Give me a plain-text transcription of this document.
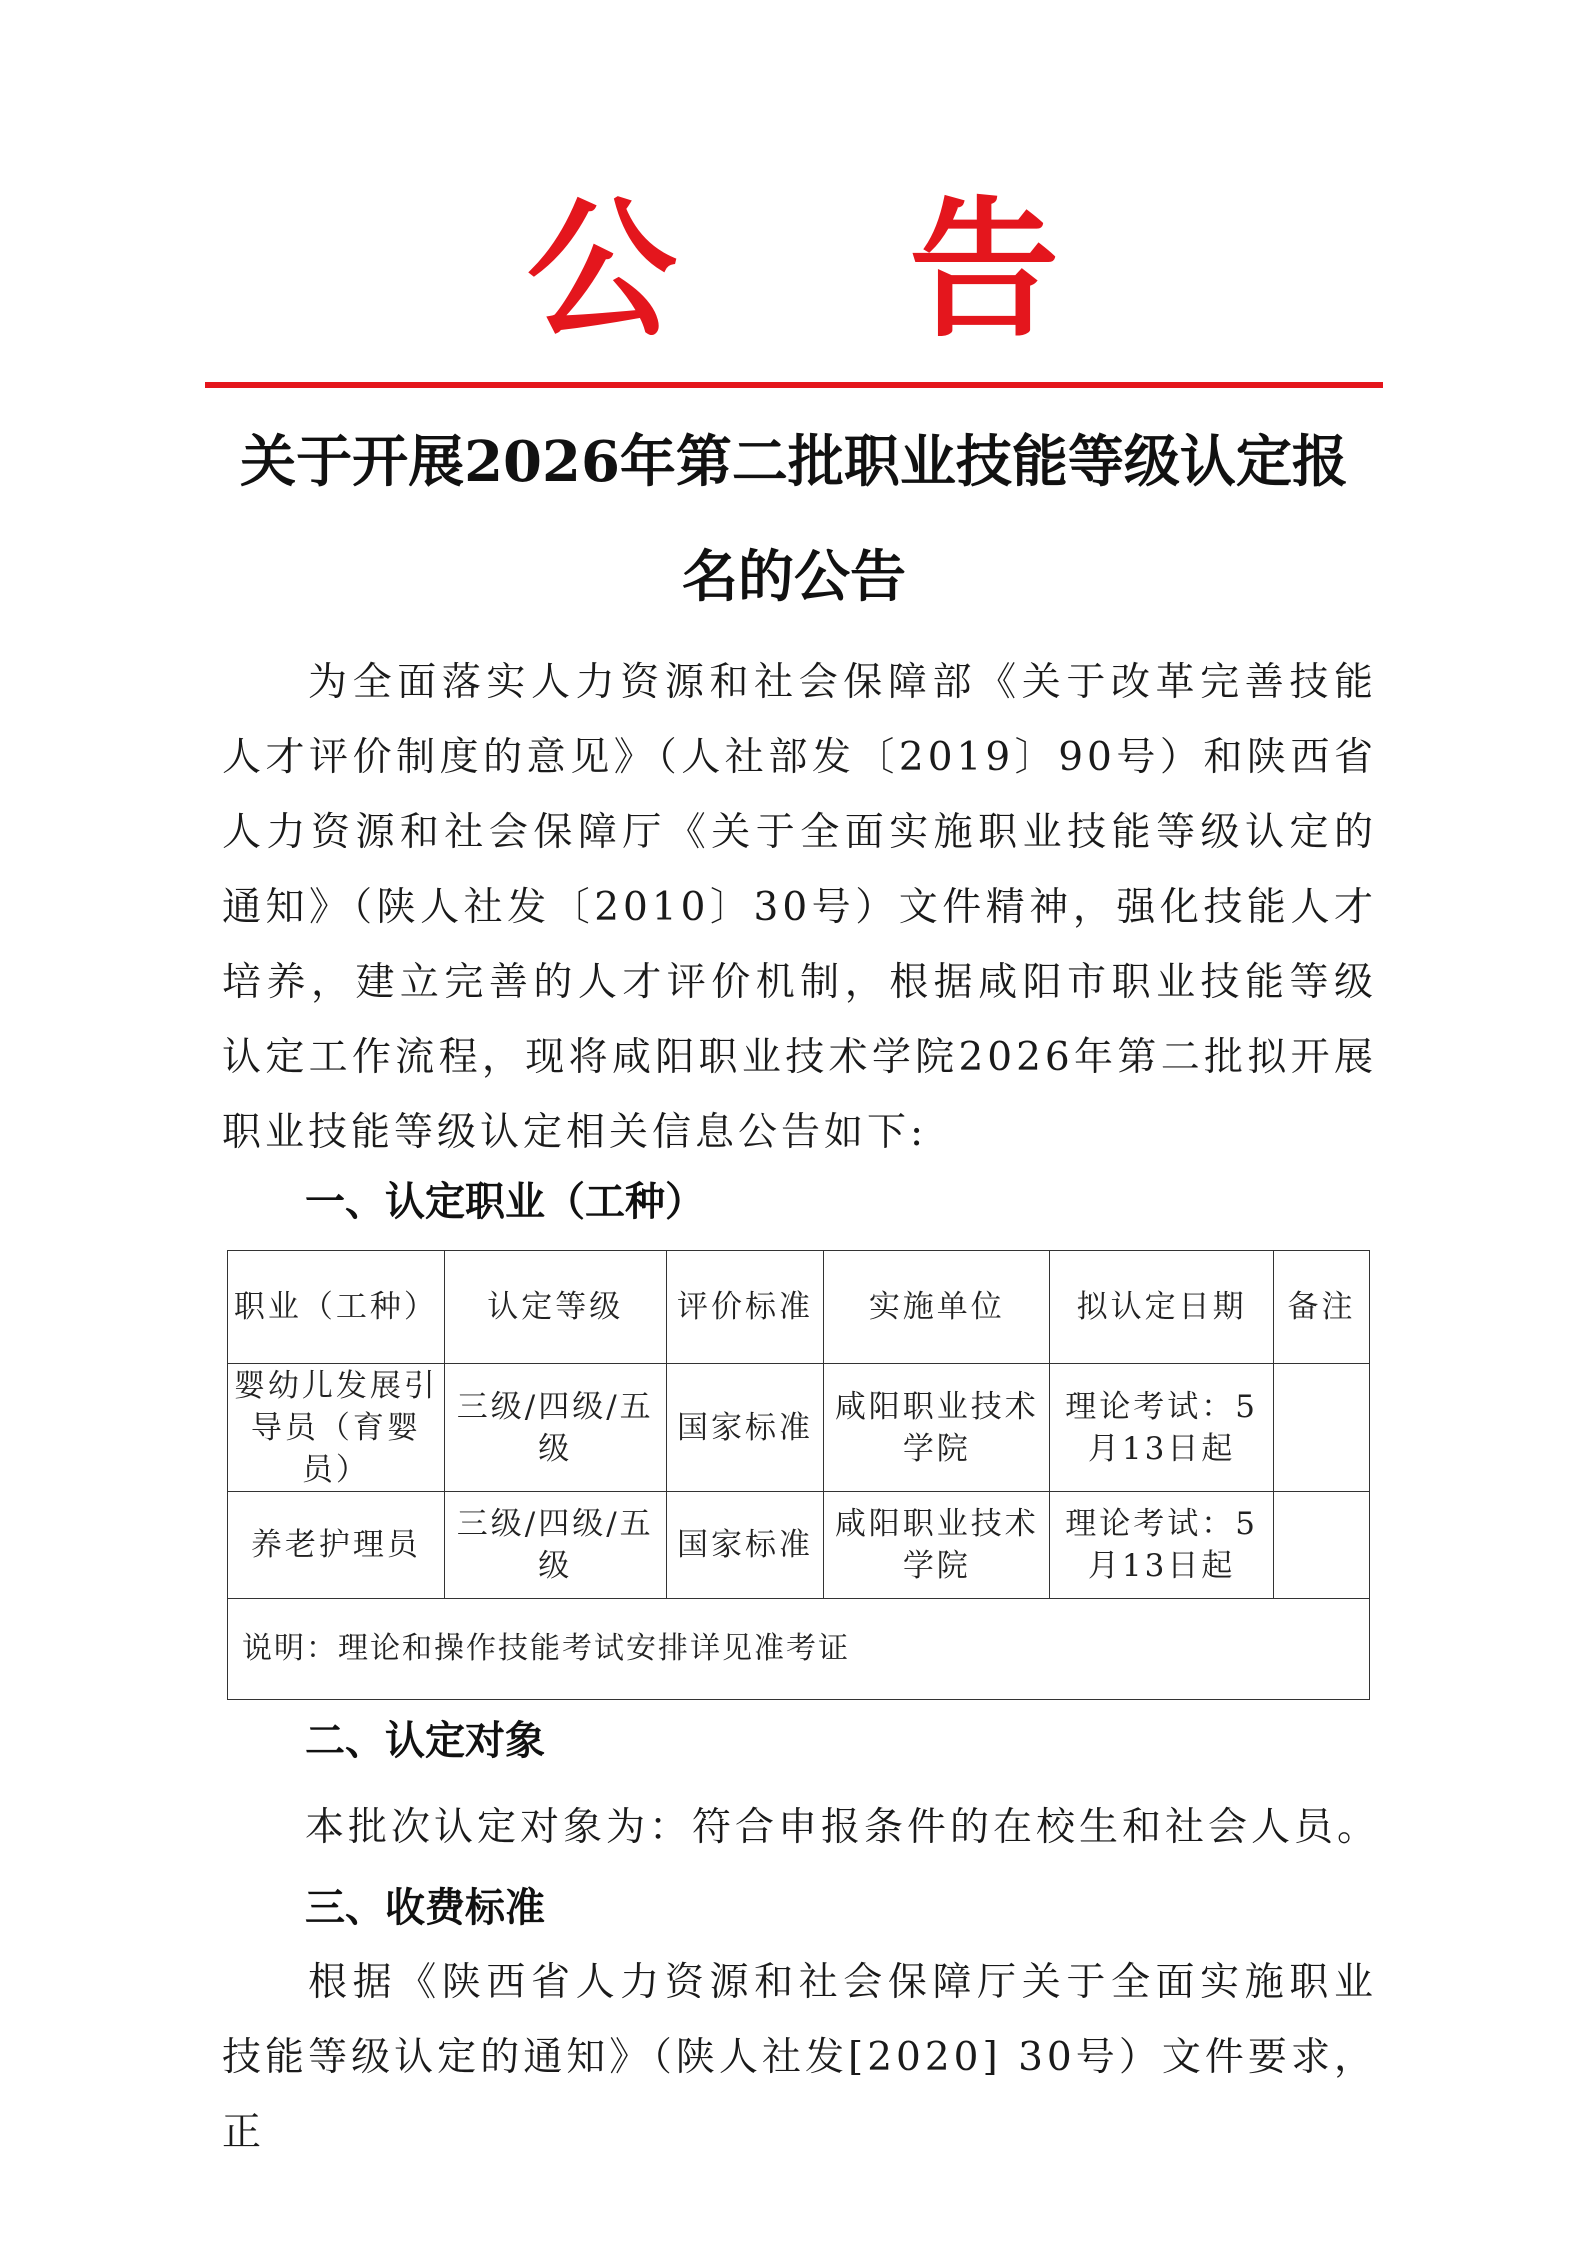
公 告
关于开展2026年第二批职业技能等级认定报
名的公告
为全面落实人力资源和社会保障部《关于改革完善技能人才评价制度的意见》（人社部发〔2019〕90号）和陕西省人力资源和社会保障厅《关于全面实施职业技能等级认定的通知》（陕人社发〔2010〕30号）文件精神，强化技能人才培养，建立完善的人才评价机制，根据咸阳市职业技能等级认定工作流程，现将咸阳职业技术学院2026年第二批拟开展职业技能等级认定相关信息公告如下:
一、认定职业（工种）
职业（工种）	认定等级	评价标准	实施单位	拟认定日期	备注
婴幼儿发展引导员（育婴员）	三级/四级/五级	国家标准	咸阳职业技术学院	理论考试：5月13日起	
养老护理员	三级/四级/五级	国家标准	咸阳职业技术学院	理论考试：5月13日起	
说明：理论和操作技能考试安排详见准考证					
二、认定对象
本批次认定对象为：符合申报条件的在校生和社会人员。
三、收费标准
根据《陕西省人力资源和社会保障厅关于全面实施职业技能等级认定的通知》（陕人社发[2020] 30号）文件要求，正
